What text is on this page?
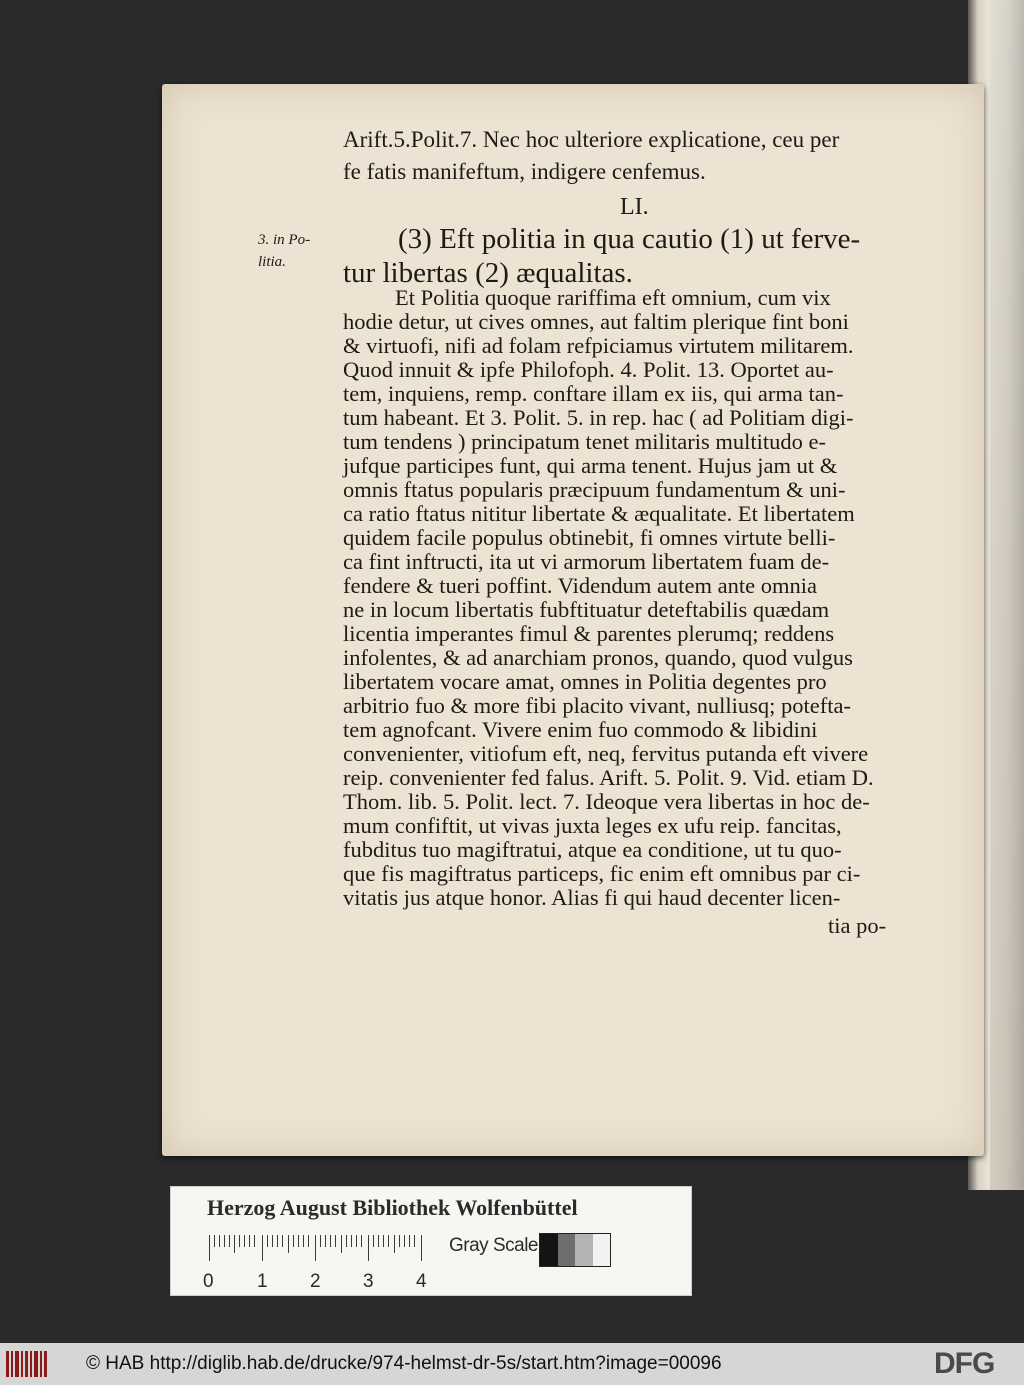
Arift.5.Polit.7. Nec hoc ulteriore explicatione, ceu per
fe fatis manifeftum, indigere cenfemus.
LI.
3. in Po-
litia.
(3) Eft politia in qua cautio (1) ut ferve-
tur libertas (2) æqualitas.
Et Politia quoque rariffima eft omnium, cum vix
hodie detur, ut cives omnes, aut faltim plerique fint boni
& virtuofi, nifi ad folam refpiciamus virtutem militarem.
Quod innuit & ipfe Philofoph. 4. Polit. 13. Oportet au-
tem, inquiens, remp. conftare illam ex iis, qui arma tan-
tum habeant. Et 3. Polit. 5. in rep. hac ( ad Politiam digi-
tum tendens ) principatum tenet militaris multitudo e-
jufque participes funt, qui arma tenent. Hujus jam ut &
omnis ftatus popularis præcipuum fundamentum & uni-
ca ratio ftatus nititur libertate & æqualitate. Et libertatem
quidem facile populus obtinebit, fi omnes virtute belli-
ca fint inftructi, ita ut vi armorum libertatem fuam de-
fendere & tueri poffint. Videndum autem ante omnia
ne in locum libertatis fubftituatur deteftabilis quædam
licentia imperantes fimul & parentes plerumq; reddens
infolentes, & ad anarchiam pronos, quando, quod vulgus
libertatem vocare amat, omnes in Politia degentes pro
arbitrio fuo & more fibi placito vivant, nulliusq; potefta-
tem agnofcant. Vivere enim fuo commodo & libidini
convenienter, vitiofum eft, neq, fervitus putanda eft vivere
reip. convenienter fed falus. Arift. 5. Polit. 9. Vid. etiam D.
Thom. lib. 5. Polit. lect. 7. Ideoque vera libertas in hoc de-
mum confiftit, ut vivas juxta leges ex ufu reip. fancitas,
fubditus tuo magiftratui, atque ea conditione, ut tu quo-
que fis magiftratus particeps, fic enim eft omnibus par ci-
vitatis jus atque honor. Alias fi qui haud decenter licen-
tia po-
Herzog August Bibliothek Wolfenbüttel
0 1 2 3 4
Gray Scale
© HAB http://diglib.hab.de/drucke/974-helmst-dr-5s/start.htm?image=00096	DFG
